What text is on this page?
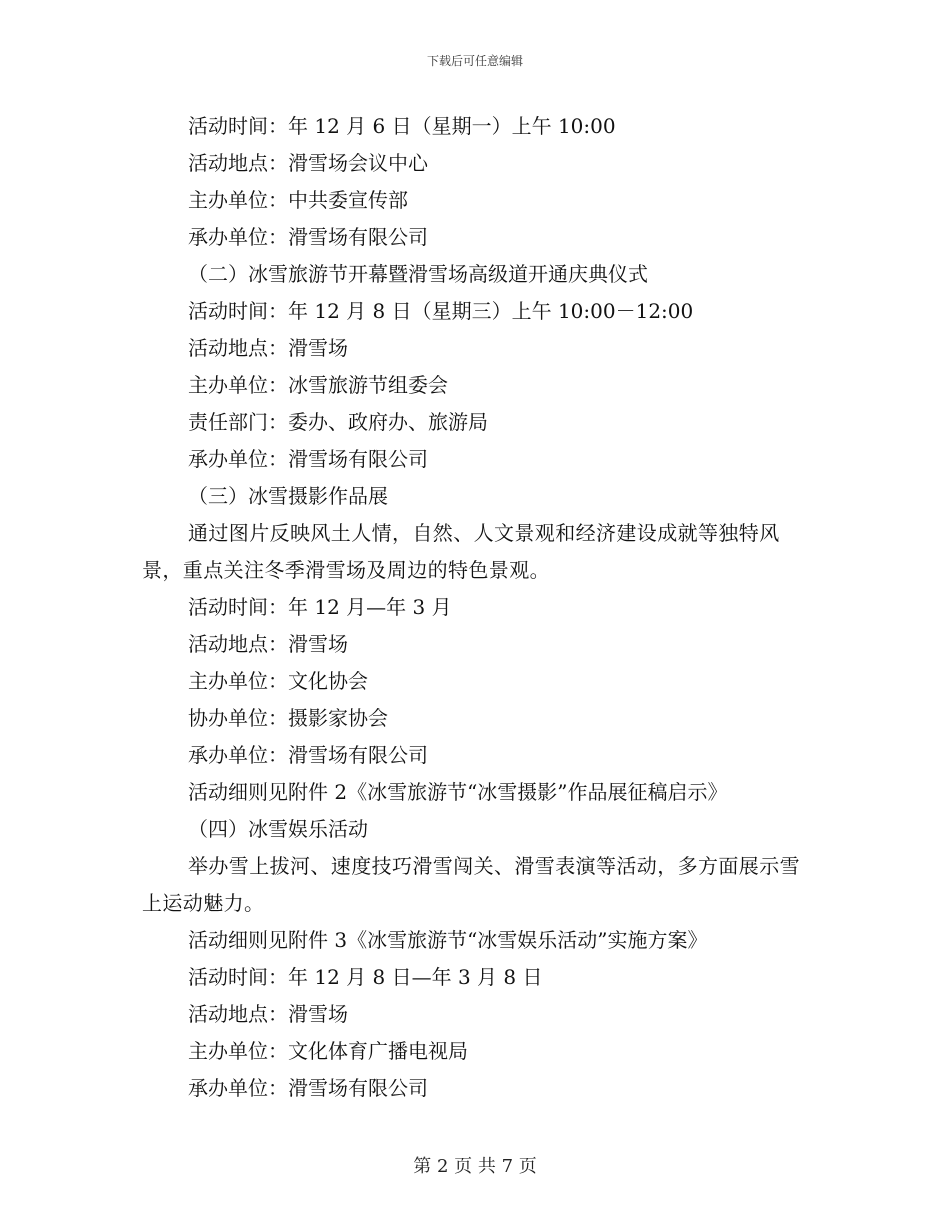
下载后可任意编辑

活动时间：年 12 月 6 日（星期一）上午 10:00

活动地点：滑雪场会议中心

主办单位：中共委宣传部

承办单位：滑雪场有限公司

（二）冰雪旅游节开幕暨滑雪场高级道开通庆典仪式

活动时间：年 12 月 8 日（星期三）上午 10:00－12:00

活动地点：滑雪场

主办单位：冰雪旅游节组委会

责任部门：委办、政府办、旅游局

承办单位：滑雪场有限公司

（三）冰雪摄影作品展

通过图片反映风土人情，自然、人文景观和经济建设成就等独特风景，重点关注冬季滑雪场及周边的特色景观。

活动时间：年 12 月—年 3 月

活动地点：滑雪场

主办单位：文化协会

协办单位：摄影家协会

承办单位：滑雪场有限公司

活动细则见附件 2《冰雪旅游节“冰雪摄影”作品展征稿启示》

（四）冰雪娱乐活动

举办雪上拔河、速度技巧滑雪闯关、滑雪表演等活动，多方面展示雪上运动魅力。

活动细则见附件 3《冰雪旅游节“冰雪娱乐活动”实施方案》

活动时间：年 12 月 8 日—年 3 月 8 日

活动地点：滑雪场

主办单位：文化体育广播电视局

承办单位：滑雪场有限公司

第 2 页 共 7 页
